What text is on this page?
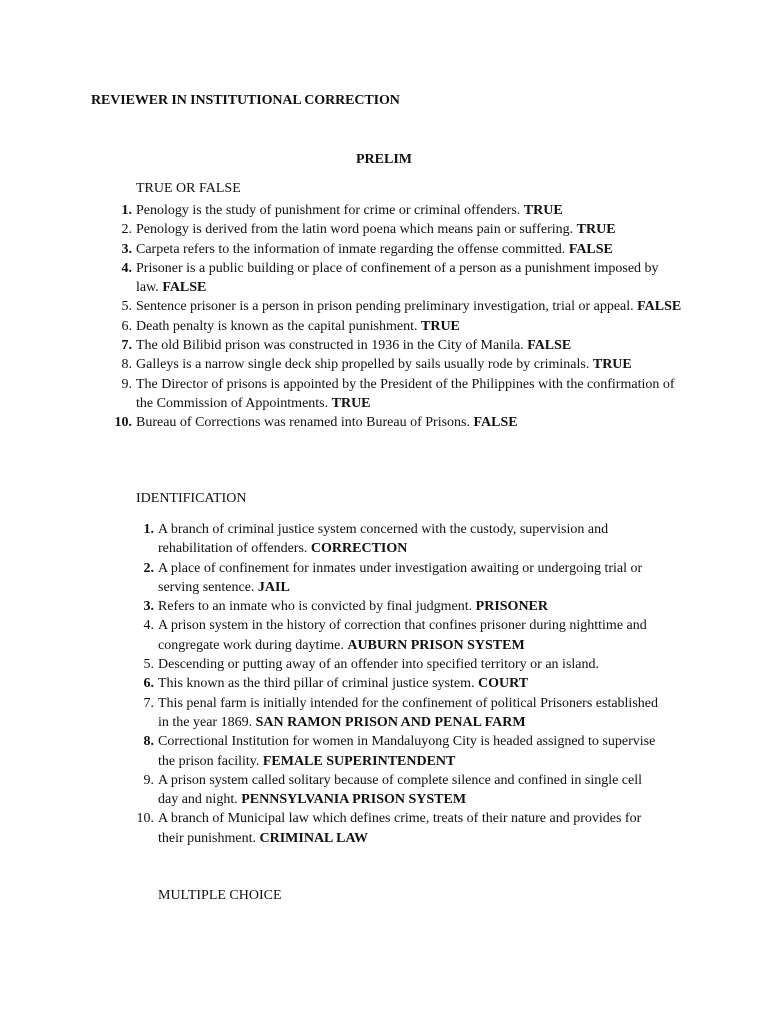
REVIEWER IN INSTITUTIONAL CORRECTION
PRELIM
TRUE OR FALSE
1. Penology is the study of punishment for crime or criminal offenders. TRUE
2. Penology is derived from the latin word poena which means pain or suffering. TRUE
3. Carpeta refers to the information of inmate regarding the offense committed. FALSE
4. Prisoner is a public building or place of confinement of a person as a punishment imposed by law. FALSE
5. Sentence prisoner is a person in prison pending preliminary investigation, trial or appeal. FALSE
6. Death penalty is known as the capital punishment. TRUE
7. The old Bilibid prison was constructed in 1936 in the City of Manila. FALSE
8. Galleys is a narrow single deck ship propelled by sails usually rode by criminals. TRUE
9. The Director of prisons is appointed by the President of the Philippines with the confirmation of the Commission of Appointments. TRUE
10. Bureau of Corrections was renamed into Bureau of Prisons. FALSE
IDENTIFICATION
1. A branch of criminal justice system concerned with the custody, supervision and rehabilitation of offenders. CORRECTION
2. A place of confinement for inmates under investigation awaiting or undergoing trial or serving sentence. JAIL
3. Refers to an inmate who is convicted by final judgment. PRISONER
4. A prison system in the history of correction that confines prisoner during nighttime and congregate work during daytime. AUBURN PRISON SYSTEM
5. Descending or putting away of an offender into specified territory or an island.
6. This known as the third pillar of criminal justice system. COURT
7. This penal farm is initially intended for the confinement of political Prisoners established in the year 1869. SAN RAMON PRISON AND PENAL FARM
8. Correctional Institution for women in Mandaluyong City is headed assigned to supervise the prison facility. FEMALE SUPERINTENDENT
9. A prison system called solitary because of complete silence and confined in single cell day and night. PENNSYLVANIA PRISON SYSTEM
10. A branch of Municipal law which defines crime, treats of their nature and provides for their punishment. CRIMINAL LAW
MULTIPLE CHOICE
